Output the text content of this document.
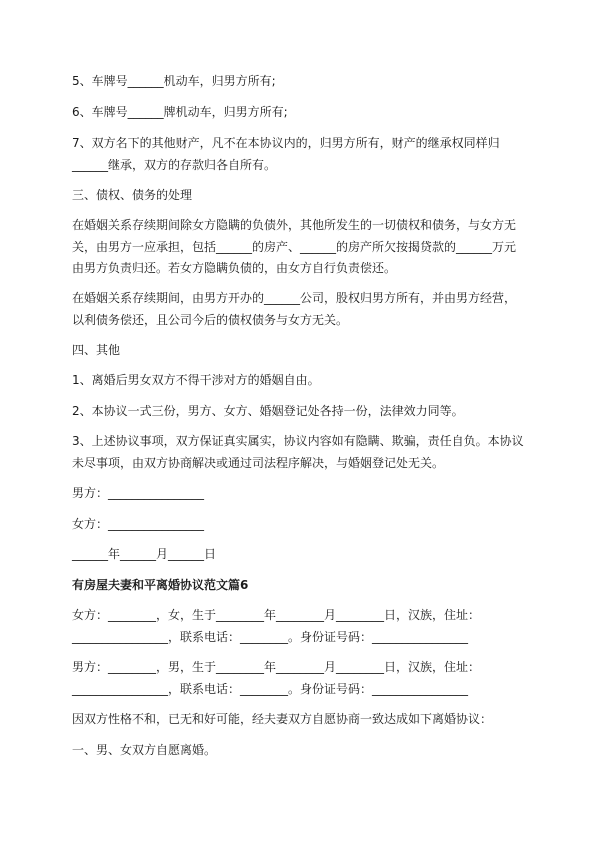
5、车牌号______机动车，归男方所有;
6、车牌号______牌机动车，归男方所有;
7、双方名下的其他财产，凡不在本协议内的，归男方所有，财产的继承权同样归
______继承，双方的存款归各自所有。
三、债权、债务的处理
在婚姻关系存续期间除女方隐瞒的负债外，其他所发生的一切债权和债务，与女方无
关，由男方一应承担，包括______的房产、______的房产所欠按揭贷款的______万元
由男方负责归还。若女方隐瞒负债的，由女方自行负责偿还。
在婚姻关系存续期间，由男方开办的______公司，股权归男方所有，并由男方经营，
以利债务偿还，且公司今后的债权债务与女方无关。
四、其他
1、离婚后男女双方不得干涉对方的婚姻自由。
2、本协议一式三份，男方、女方、婚姻登记处各持一份，法律效力同等。
3、上述协议事项，双方保证真实属实，协议内容如有隐瞒、欺骗，责任自负。本协议
未尽事项，由双方协商解决或通过司法程序解决，与婚姻登记处无关。
男方：________________
女方：________________
______年______月______日
有房屋夫妻和平离婚协议范文篇6
女方：________，女，生于________年________月________日，汉族，住址：
________________，联系电话：________。身份证号码：________________
男方：________，男，生于________年________月________日，汉族，住址：
________________，联系电话：________。身份证号码：________________
因双方性格不和，已无和好可能，经夫妻双方自愿协商一致达成如下离婚协议：
一、男、女双方自愿离婚。
